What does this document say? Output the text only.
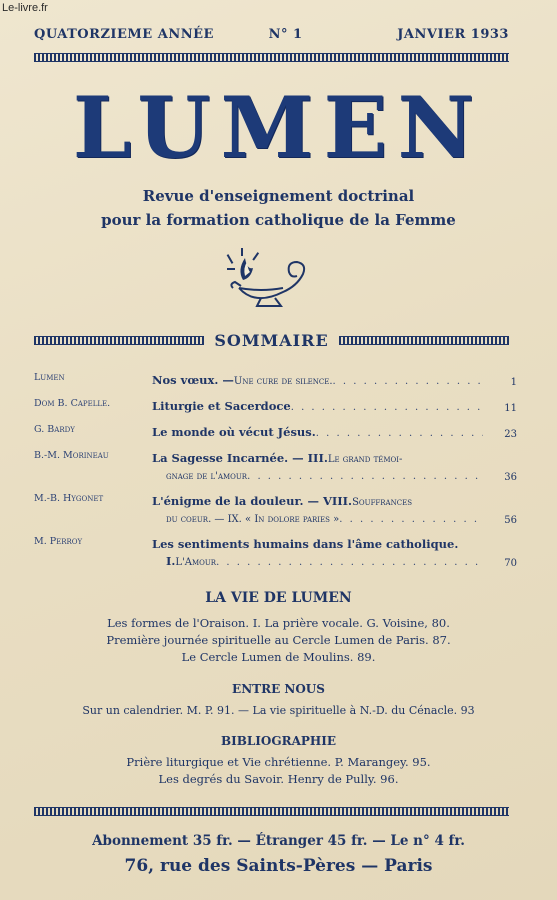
Le-livre.fr
QUATORZIEME ANNÉE	N° 1	JANVIER 1933
LUMEN
Revue d'enseignement doctrinal
pour la formation catholique de la Femme
SOMMAIRE
Lumen	Nos vœux. — Une cure de silence. . . .	1
Dom B. Capelle.	Liturgie et Sacerdoce . . .	11
G. Bardy	Le monde où vécut Jésus. . . .	23
B.-M. Morineau	La Sagesse Incarnée. — III. Le grand témoi-
gnage de l'amour . . .	36
M.-B. Hygonet	L'énigme de la douleur. — VIII. Souffrances
du coeur. — IX. « In dolore paries » . . .	56
M. Perroy	Les sentiments humains dans l'âme catholique.
I. L'Amour . . .	70
LA VIE DE LUMEN
Les formes de l'Oraison. I. La prière vocale. G. Voisine, 80.
Première journée spirituelle au Cercle Lumen de Paris. 87.
Le Cercle Lumen de Moulins. 89.
ENTRE NOUS
Sur un calendrier. M. P. 91. — La vie spirituelle à N.-D. du Cénacle. 93
BIBLIOGRAPHIE
Prière liturgique et Vie chrétienne. P. Marangey. 95.
Les degrés du Savoir. Henry de Pully. 96.
Abonnement 35 fr. — Étranger 45 fr. — Le n° 4 fr.
76, rue des Saints-Pères — Paris
